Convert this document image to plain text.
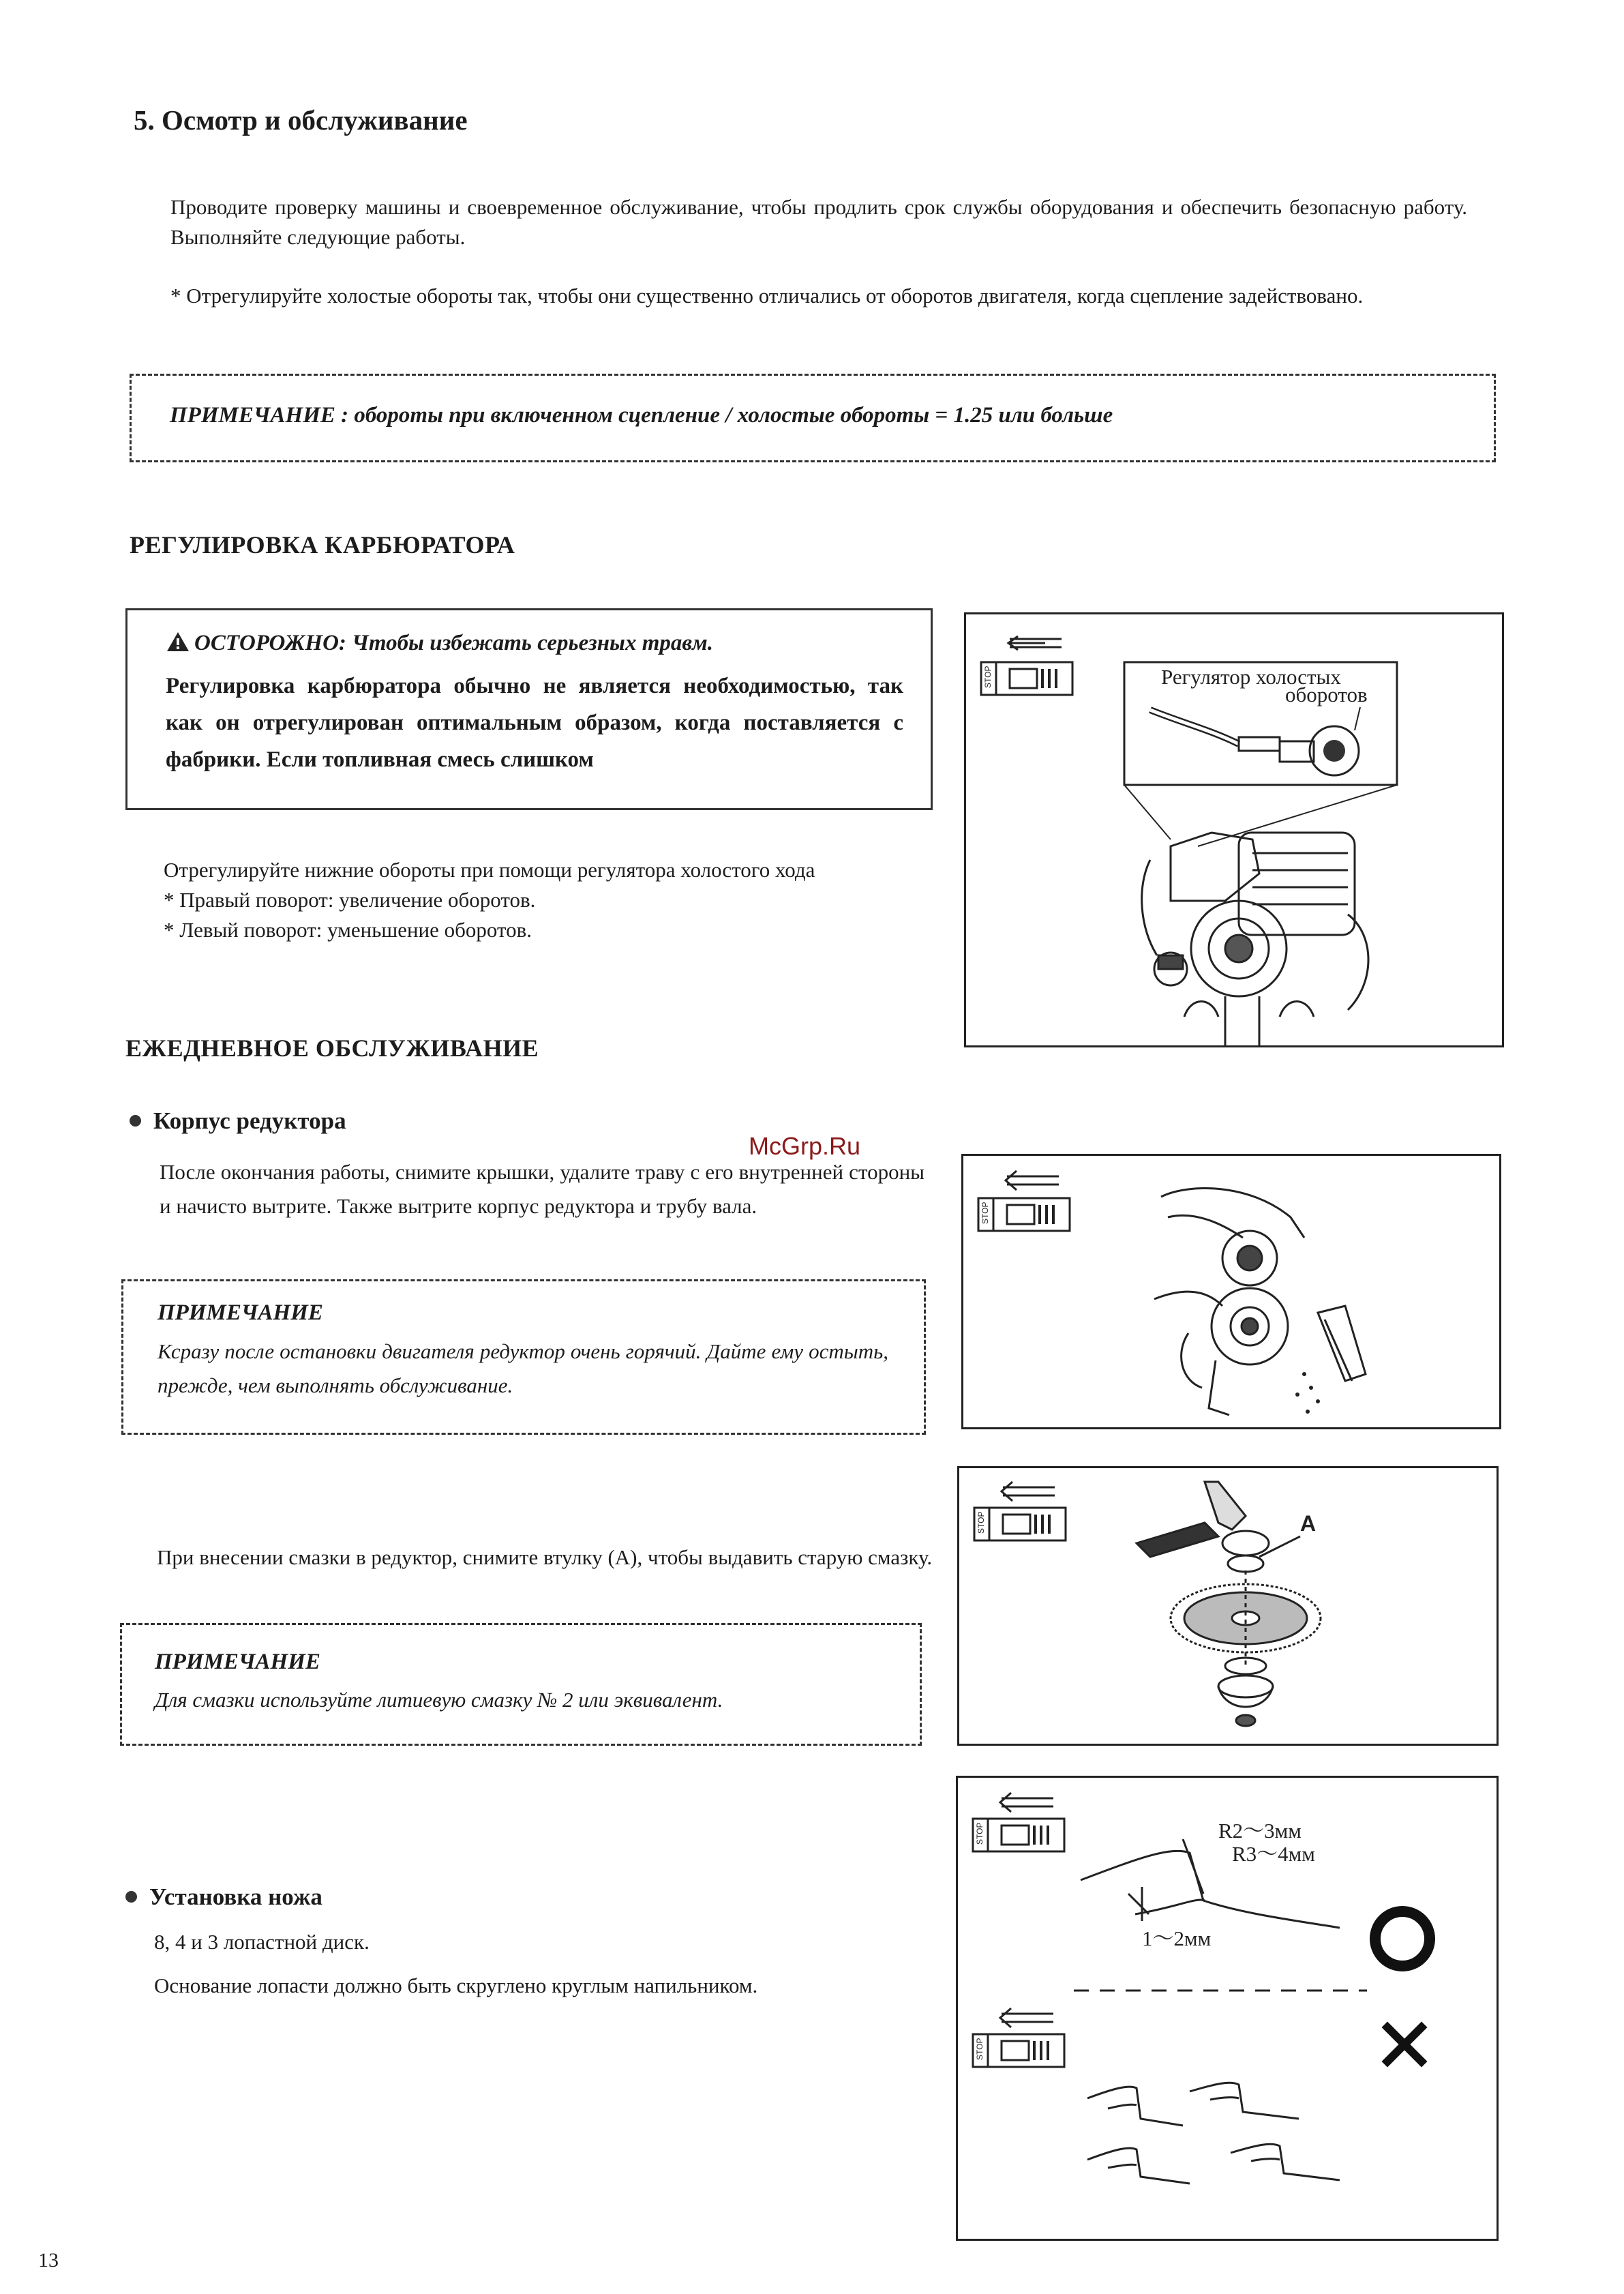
5. Осмотр и обслуживание
Проводите проверку машины и своевременное обслуживание, чтобы продлить срок службы оборудования и обеспечить безопасную работу. Выполняйте следующие работы.
* Отрегулируйте холостые обороты так, чтобы они существенно отличались от оборотов двигателя, когда сцепление задействовано.
ПРИМЕЧАНИЕ : обороты при включенном сцепление / холостые обороты = 1.25 или больше
РЕГУЛИРОВКА КАРБЮРАТОРА
ОСТОРОЖНО: Чтобы избежать серьезных травм.
Регулировка карбюратора обычно не является необходимостью, так как он отрегулирован оптимальным образом, когда поставляется с фабрики. Если топливная смесь слишком
Отрегулируйте нижние обороты при помощи регулятора холостого хода
* Правый поворот: увеличение оборотов.
* Левый поворот: уменьшение оборотов.
STOP	Регулятор холостых
оборотов
ЕЖЕДНЕВНОЕ ОБСЛУЖИВАНИЕ
Корпус редуктора
После окончания работы, снимите крышки, удалите траву с его внутренней стороны и начисто вытрите. Также вытрите корпус редуктора и трубу вала.
ПРИМЕЧАНИЕ
Ксразу после остановки двигателя редуктор очень горячий. Дайте ему остыть, прежде, чем выполнять обслуживание.
STOP
При внесении смазки в редуктор, снимите втулку (А), чтобы выдавить старую смазку.
ПРИМЕЧАНИЕ
Для смазки используйте литиевую смазку № 2 или эквивалент.
STOP	A
Установка ножа
8, 4 и 3 лопастной диск.
Основание лопасти должно быть скруглено круглым напильником.
STOP	R2～3мм
R3～4мм
1～2мм
STOP
McGrp.Ru
13
